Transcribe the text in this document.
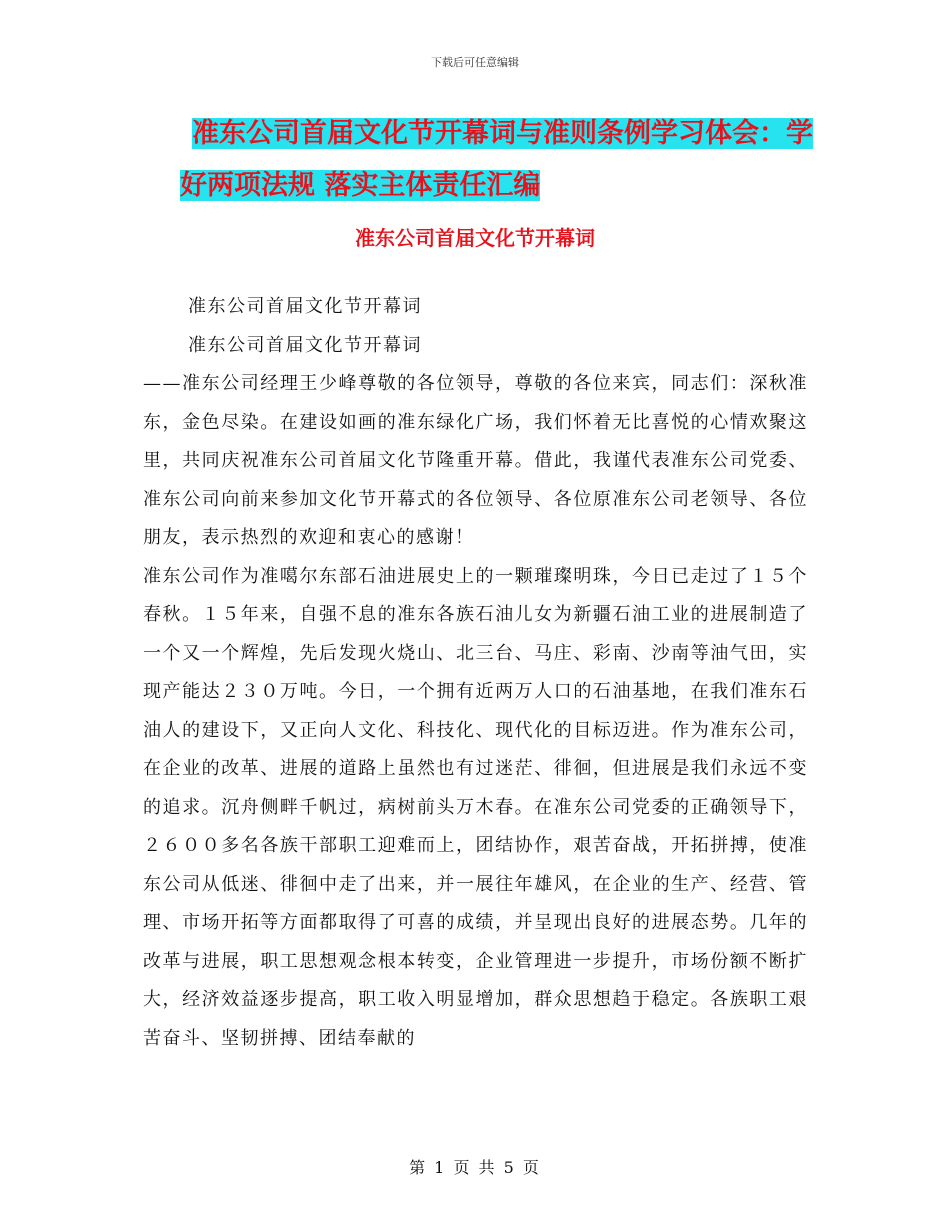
下载后可任意编辑
准东公司首届文化节开幕词与准则条例学习体会：学
好两项法规 落实主体责任汇编
准东公司首届文化节开幕词

准东公司首届文化节开幕词

准东公司首届文化节开幕词

——准东公司经理王少峰尊敬的各位领导，尊敬的各位来宾，同志们：深秋准东，金色尽染。在建设如画的准东绿化广场，我们怀着无比喜悦的心情欢聚这里，共同庆祝准东公司首届文化节隆重开幕。借此，我谨代表准东公司党委、准东公司向前来参加文化节开幕式的各位领导、各位原准东公司老领导、各位朋友，表示热烈的欢迎和衷心的感谢！

准东公司作为准噶尔东部石油进展史上的一颗璀璨明珠，今日已走过了１５个春秋。１５年来，自强不息的准东各族石油儿女为新疆石油工业的进展制造了一个又一个辉煌，先后发现火烧山、北三台、马庄、彩南、沙南等油气田，实现产能达２３０万吨。今日，一个拥有近两万人口的石油基地，在我们准东石油人的建设下，又正向人文化、科技化、现代化的目标迈进。作为准东公司，在企业的改革、进展的道路上虽然也有过迷茫、徘徊，但进展是我们永远不变的追求。沉舟侧畔千帆过，病树前头万木春。在准东公司党委的正确领导下，２６００多名各族干部职工迎难而上，团结协作，艰苦奋战，开拓拼搏，使准东公司从低迷、徘徊中走了出来，并一展往年雄风，在企业的生产、经营、管理、市场开拓等方面都取得了可喜的成绩，并呈现出良好的进展态势。几年的改革与进展，职工思想观念根本转变，企业管理进一步提升，市场份额不断扩大，经济效益逐步提高，职工收入明显增加，群众思想趋于稳定。各族职工艰苦奋斗、坚韧拼搏、团结奉献的

第 1 页 共 5 页
